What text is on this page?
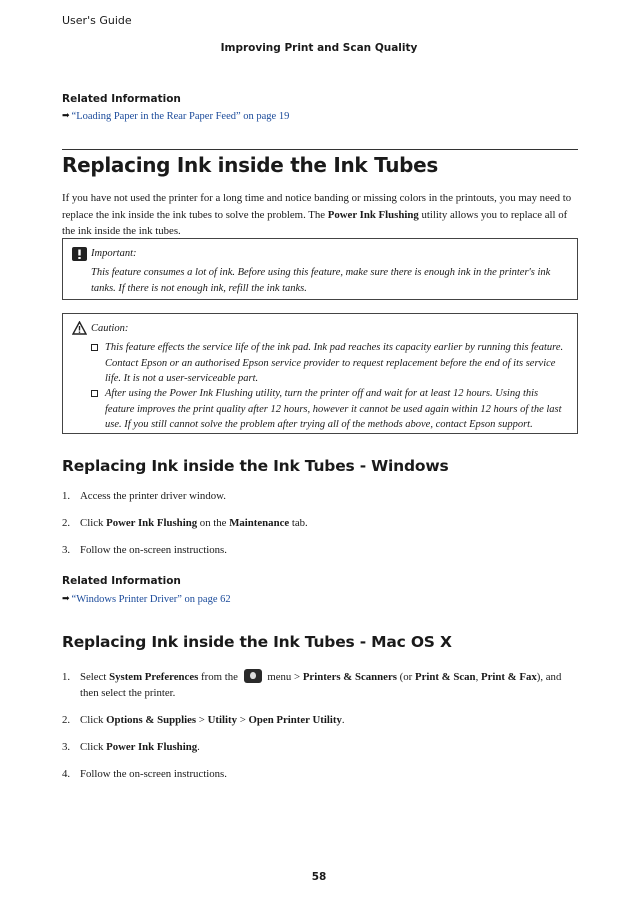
User's Guide
Improving Print and Scan Quality
Related Information
➡ “Loading Paper in the Rear Paper Feed” on page 19
Replacing Ink inside the Ink Tubes
If you have not used the printer for a long time and notice banding or missing colors in the printouts, you may need to replace the ink inside the ink tubes to solve the problem. The Power Ink Flushing utility allows you to replace all of the ink inside the ink tubes.
Important:
This feature consumes a lot of ink. Before using this feature, make sure there is enough ink in the printer's ink tanks. If there is not enough ink, refill the ink tanks.
Caution:
This feature effects the service life of the ink pad. Ink pad reaches its capacity earlier by running this feature. Contact Epson or an authorised Epson service provider to request replacement before the end of its service life. It is not a user-serviceable part.
After using the Power Ink Flushing utility, turn the printer off and wait for at least 12 hours. Using this feature improves the print quality after 12 hours, however it cannot be used again within 12 hours of the last use. If you still cannot solve the problem after trying all of the methods above, contact Epson support.
Replacing Ink inside the Ink Tubes - Windows
1. Access the printer driver window.
2. Click Power Ink Flushing on the Maintenance tab.
3. Follow the on-screen instructions.
Related Information
➡ “Windows Printer Driver” on page 62
Replacing Ink inside the Ink Tubes - Mac OS X
1. Select System Preferences from the  menu > Printers & Scanners (or Print & Scan, Print & Fax), and then select the printer.
2. Click Options & Supplies > Utility > Open Printer Utility.
3. Click Power Ink Flushing.
4. Follow the on-screen instructions.
58
